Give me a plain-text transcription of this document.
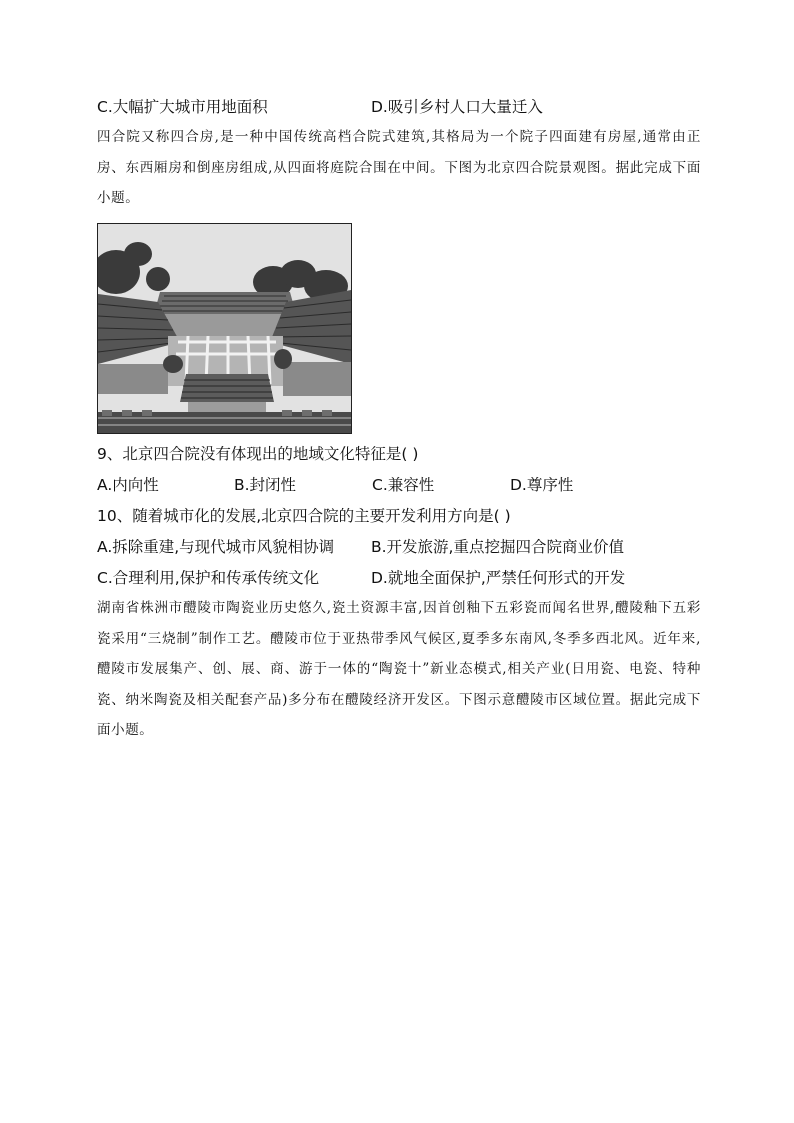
C.大幅扩大城市用地面积	D.吸引乡村人口大量迁入
四合院又称四合房,是一种中国传统高档合院式建筑,其格局为一个院子四面建有房屋,通常由正房、东西厢房和倒座房组成,从四面将庭院合围在中间。下图为北京四合院景观图。据此完成下面小题。
9、北京四合院没有体现出的地域文化特征是( )
A.内向性	B.封闭性	C.兼容性	D.尊序性
10、随着城市化的发展,北京四合院的主要开发利用方向是( )
A.拆除重建,与现代城市风貌相协调 B.开发旅游,重点挖掘四合院商业价值
C.合理利用,保护和传承传统文化	D.就地全面保护,严禁任何形式的开发
湖南省株洲市醴陵市陶瓷业历史悠久,瓷土资源丰富,因首创釉下五彩瓷而闻名世界,醴陵釉下五彩瓷采用“三烧制”制作工艺。醴陵市位于亚热带季风气候区,夏季多东南风,冬季多西北风。近年来,醴陵市发展集产、创、展、商、游于一体的“陶瓷十”新业态模式,相关产业(日用瓷、电瓷、特种瓷、纳米陶瓷及相关配套产品)多分布在醴陵经济开发区。下图示意醴陵市区域位置。据此完成下面小题。
